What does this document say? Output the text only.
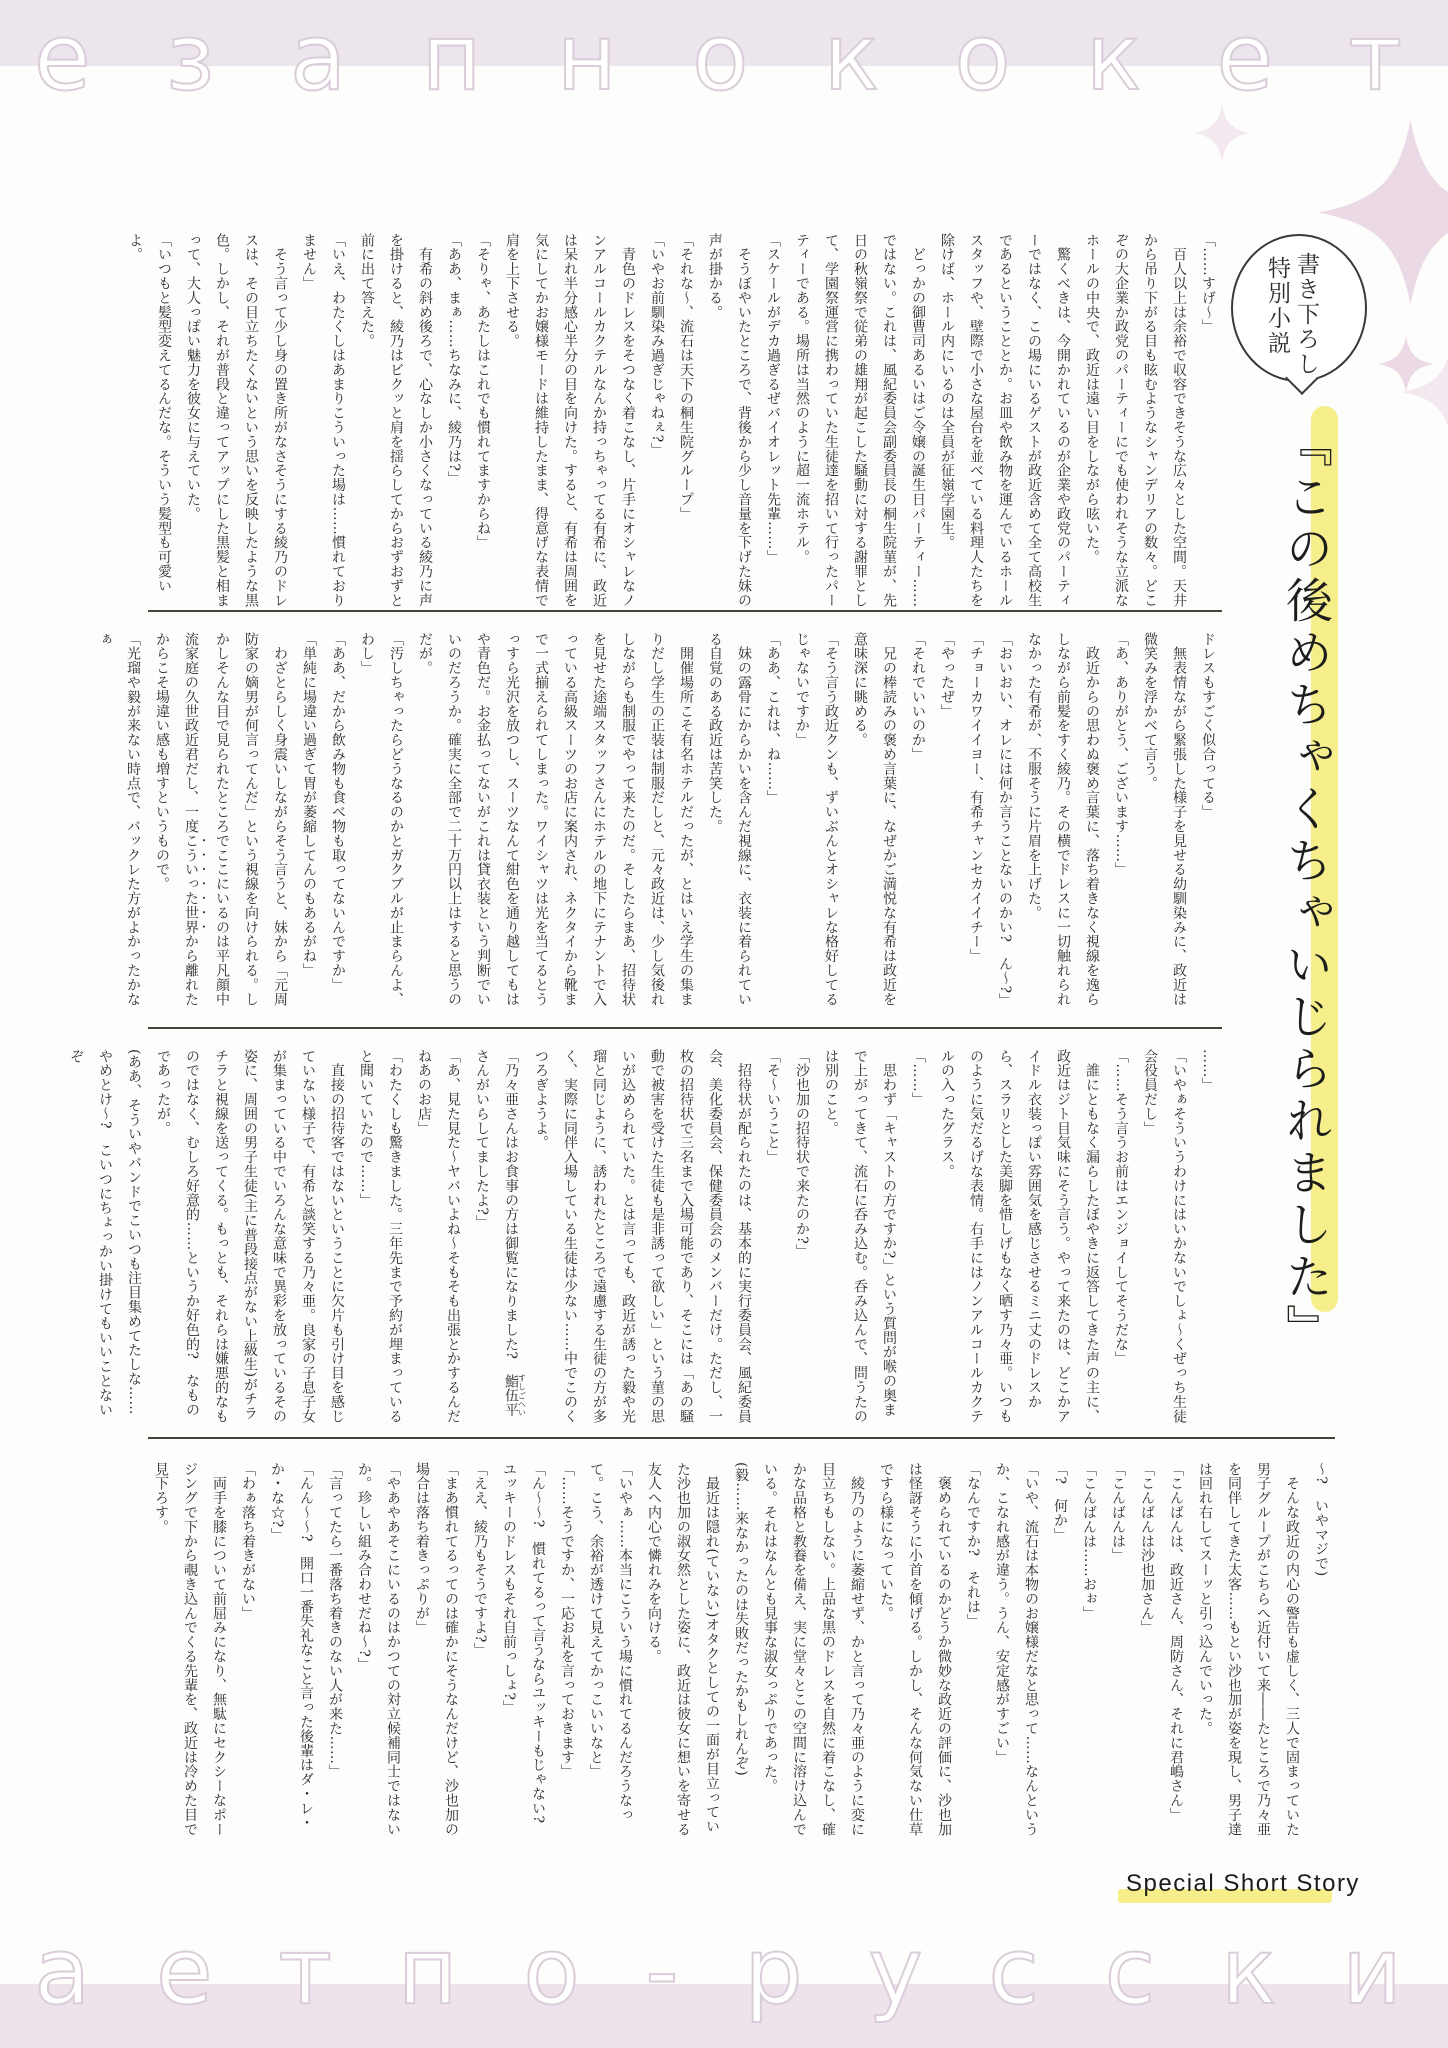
е з а п н о к о к е т
書き下ろし
特別小説
『この後めちゃくちゃいじられました』

「……すげ〜」

　百人以上は余裕で収容できそうな広々とした空間。天井から吊り下がる目も眩むようなシャンデリアの数々。どこぞの大企業か政党のパーティーにでも使われそうな立派なホールの中央で、政近は遠い目をしながら呟いた。

　驚くべきは、今開かれているのが企業や政党のパーティーではなく、この場にいるゲストが政近含めて全て高校生であるということとか。お皿や飲み物を運んでいるホールスタッフや、壁際で小さな屋台を並べている料理人たちを除けば、ホール内にいるのは全員が征嶺学園生。

　どっかの御曹司あるいはご令嬢の誕生日パーティー……ではない。これは、風紀委員会副委員長の桐生院菫が、先日の秋嶺祭で従弟の雄翔が起こした騒動に対する謝罪として、学園祭運営に携わっていた生徒達を招いて行ったパーティーである。場所は当然のように超一流ホテル。

「スケールがデカ過ぎるぜバイオレット先輩……」

　そうぼやいたところで、背後から少し音量を下げた妹の声が掛かる。

「それな〜、流石は天下の桐生院グループ」

「いやお前馴染み過ぎじゃねぇ?」

　青色のドレスをそつなく着こなし、片手にオシャレなノンアルコールカクテルなんか持っちゃってる有希に、政近は呆れ半分感心半分の目を向けた。すると、有希は周囲を気にしてかお嬢様モードは維持したまま、得意げな表情で肩を上下させる。

「そりゃ、あたしはこれでも慣れてますからね」

「ああ、まぁ……ちなみに、綾乃は?」

　有希の斜め後ろで、心なしか小さくなっている綾乃に声を掛けると、綾乃はビクッと肩を揺らしてからおずおずと前に出て答えた。

「いえ、わたくしはあまりこういった場は……慣れておりません」

　そう言って少し身の置き所がなさそうにする綾乃のドレスは、その目立ちたくないという思いを反映したような黒色。しかし、それが普段と違ってアップにした黒髪と相まって、大人っぽい魅力を彼女に与えていた。

「いつもと髪型変えてるんだな。そういう髪型も可愛いよ。

ドレスもすごく似合ってる」

　無表情ながら緊張した様子を見せる幼馴染みに、政近は微笑みを浮かべて言う。

「あ、ありがとう、ございます……」

　政近からの思わぬ褒め言葉に、落ち着きなく視線を逸らしながら前髪をすく綾乃。その横でドレスに一切触れられなかった有希が、不服そうに片眉を上げた。

「おいおい、オレには何か言うことないのかい?　ん〜?」

「チョーカワイイヨー、有希チャンセカイイチー」

「やったぜ」

「それでいいのか」

　兄の棒読みの褒め言葉に、なぜかご満悦な有希は政近を意味深に眺める。

「そう言う政近クンも、ずいぶんとオシャレな格好してるじゃないですか」

「ああ、これは、ね……」

　妹の露骨にからかいを含んだ視線に、衣装に着られている自覚のある政近は苦笑した。

　開催場所こそ有名ホテルだったが、とはいえ学生の集まりだし学生の正装は制服だしと、元々政近は、少し気後れしながらも制服でやって来たのだ。そしたらまあ、招待状を見せた途端スタッフさんにホテルの地下にテナントで入っている高級スーツのお店に案内され、ネクタイから靴まで一式揃えられてしまった。ワイシャツは光を当てるとうっすら光沢を放つし、スーツなんて紺色を通り越してもはや青色だ。お金払ってないがこれは貸衣装という判断でいいのだろうか。確実に全部で二十万円以上はすると思うのだが。

「汚しちゃったらどうなるのかとガクブルが止まらんよ、わし」

「ああ、だから飲み物も食べ物も取ってないんですか」

「単純に場違い過ぎて胃が萎縮してんのもあるがね」

　わざとらしく身震いしながらそう言うと、妹から「元周防家の嫡男が何言ってんだ」という視線を向けられる。しかしそんな目で見られたところでここにいるのは平凡顔中流家庭の久世政近君だし、一度こういった世界から離れたからこそ場違い感も増すというもので。

「光瑠や毅が来ない時点で、バックレた方がよかったかなぁ

……」

「いやぁそういうわけにはいかないでしょ〜くぜっち生徒会役員だし」

「……そう言うお前はエンジョイしてそうだな」

　誰にともなく漏らしたぼやきに返答してきた声の主に、政近はジト目気味にそう言う。やって来たのは、どこかアイドル衣装っぽい雰囲気を感じさせるミニ丈のドレスから、スラリとした美脚を惜しげもなく晒す乃々亜。いつものように気だるげな表情。右手にはノンアルコールカクテルの入ったグラス。

「……」

　思わず「キャストの方ですか?」という質問が喉の奥まで上がってきて、流石に呑み込む。呑み込んで、問うたのは別のこと。

「沙也加の招待状で来たのか?」

「そ〜いうこと」

　招待状が配られたのは、基本的に実行委員会、風紀委員会、美化委員会、保健委員会のメンバーだけ。ただし、一枚の招待状で三名まで入場可能であり、そこには「あの騒動で被害を受けた生徒も是非誘って欲しい」という菫の思いが込められていた。とは言っても、政近が誘った毅や光瑠と同じように、誘われたところで遠慮する生徒の方が多く、実際に同伴入場している生徒は少ない……中でこのくつろぎようよ。

「乃々亜さんはお食事の方は御覧になりました?　鮨伍平すしごへいさんがいらしてましたよ?」

「あ、見た見た〜ヤバいよね〜そもそも出張とかするんだねあのお店」

「わたくしも驚きました。三年先まで予約が埋まっていると聞いていたので……」

　直接の招待客ではないということに欠片も引け目を感じていない様子で、有希と談笑する乃々亜。良家の子息子女が集まっている中でいろんな意味で異彩を放っているその姿に、周囲の男子生徒(主に普段接点がない上級生)がチラチラと視線を送ってくる。もっとも、それらは嫌悪的なものではなく、むしろ好意的……というか好色的?　なものであったが。

(ああ、そういやバンドでこいつも注目集めてたしな……やめとけ〜?　こいつにちょっかい掛けてもいいことないぞ

〜?　いやマジで)

　そんな政近の内心の警告も虚しく、三人で固まっていた男子グループがこちらへ近付いて来――たところで乃々亜を同伴してきた太客……もとい沙也加が姿を現し、男子達は回れ右してスーッと引っ込んでいった。

「こんばんは、政近さん、周防さん、それに君嶋さん」

「こんばんは沙也加さん」

「こんばんは」

「こんばんは……おぉ」

「?　何か」

「いや、流石は本物のお嬢様だなと思って……なんというか、こなれ感が違う。うん、安定感がすごい」

「なんですか?　それは」

　褒められているのかどうか微妙な政近の評価に、沙也加は怪訝そうに小首を傾げる。しかし、そんな何気ない仕草ですら様になっていた。

　綾乃のように萎縮せず、かと言って乃々亜のように変に目立ちもしない。上品な黒のドレスを自然に着こなし、確かな品格と教養を備え、実に堂々とこの空間に溶け込んでいる。それはなんとも見事な淑女っぷりであった。

(毅……来なかったのは失敗だったかもしれんぞ)

　最近は隠れ(ていない)オタクとしての一面が目立っていた沙也加の淑女然とした姿に、政近は彼女に想いを寄せる友人へ内心で憐れみを向ける。

「いやぁ……本当にこういう場に慣れてるんだろうなって。こう、余裕が透けて見えてかっこいいなと」

「……そうですか、一応お礼を言っておきます」

「ん〜〜?　慣れてるって言うならユッキーもじゃない?　ユッキーのドレスもそれ自前っしょ?」

「ええ、綾乃もそうですよ?」

「まあ慣れてるってのは確かにそうなんだけど、沙也加の場合は落ち着きっぷりが」

「やあやあそこにいるのはかつての対立候補同士ではないか。珍しい組み合わせだね〜?」

「言ってたら一番落ち着きのない人が来た……」

「んん〜〜?　開口一番失礼なこと言った後輩はダ・レ・か・な☆?」

「わぁ落ち着きがない」

　両手を膝について前屈みになり、無駄にセクシーなポージングで下から覗き込んでくる先輩を、政近は冷めた目で見下ろす。

Special Short Story
а е т п о - р у с с к и
